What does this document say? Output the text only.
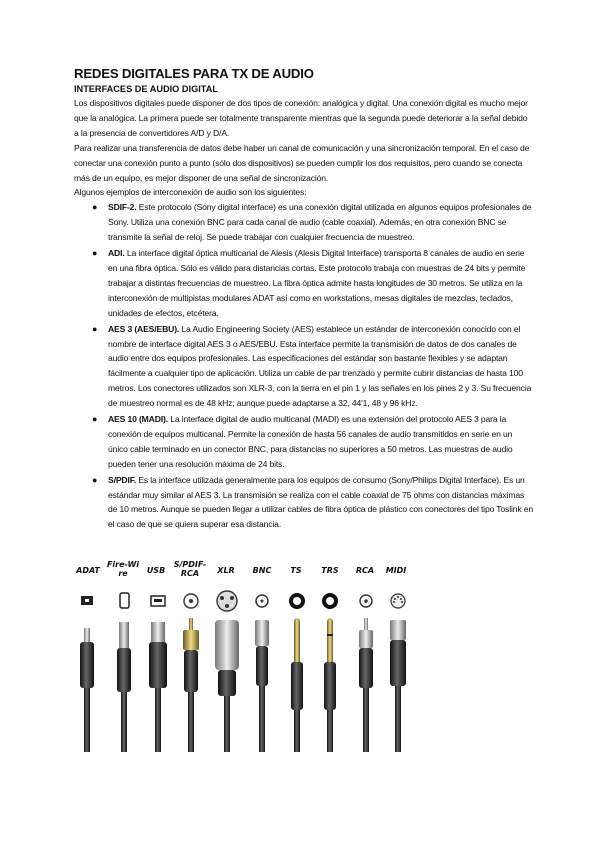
REDES DIGITALES PARA TX DE AUDIO
INTERFACES DE AUDIO DIGITAL

Los dispositivos digitales puede disponer de dos tipos de conexión: analógica y digital. Una conexión digital es mucho mejor que la analógica. La primera puede ser totalmente transparente mientras que la segunda puede deteriorar a la señal debido a la presencia de convertidores A/D y D/A.

Para realizar una transferencia de datos debe haber un canal de comunicación y una sincronización temporal. En el caso de conectar una conexión punto a punto (sólo dos dispositivos) se pueden cumplir los dos requisitos, pero cuando se conecta más de un equipo, es mejor disponer de una señal de sincronización.

Algunos ejemplos de interconexión de audio son los siguientes:

● SDIF-2. Este protocolo (Sony digital interface) es una conexión digital utilizada en algunos equipos profesionales de Sony. Utiliza una conexión BNC para cada canal de audio (cable coaxial). Además, en otra conexión BNC se transmite la señal de reloj. Se puede trabajar con cualquier frecuencia de muestreo.
● ADI. La interface digital óptica multicanal de Alesis (Alesis Digital Interface) transporta 8 canales de audio en serie en una fibra óptica. Sólo es válido para distancias cortas. Este protocolo trabaja con muestras de 24 bits y permite trabajar a distintas frecuencias de muestreo. La fibra óptica admite hasta longitudes de 30 metros. Se utiliza en la interconexión de multipistas modulares ADAT así como en workstations, mesas digitales de mezclas, teclados, unidades de efectos, etcétera.
● AES 3 (AES/EBU). La Audio Engineering Society (AES) establece un estándar de interconexión conocido con el nombre de interface digital AES 3 o AES/EBU. Esta interface permite la transmisión de datos de dos canales de audio entre dos equipos profesionales. Las especificaciones del estándar son bastante flexibles y se adaptan fácilmente a cualquier tipo de aplicación. Utiliza un cable de par trenzado y permite cubrir distancias de hasta 100 metros. Los conectores utilizados son XLR-3, con la tierra en el pin 1 y las señales en los pines 2 y 3. Su frecuencia de muestreo normal es de 48 kHz; aunque puede adaptarse a 32, 44'1, 48 y 96 kHz.
● AES 10 (MADI). La interface digital de audio multicanal (MADI) es una extensión del protocolo AES 3 para la conexión de equipos multicanal. Permite la conexión de hasta 56 canales de audio transmitidos en serie en un único cable terminado en un conector BNC, para distancias no superiores a 50 metros. Las muestras de audio pueden tener una resolución máxima de 24 bits.
● S/PDIF. Es la interface utilizada generalmente para los equipos de consumo (Sony/Philips Digital Interface). Es un estándar muy similar al AES 3. La transmisión se realiza con el cable coaxial de 75 ohms con distancias máximas de 10 metros. Aunque se pueden llegar a utilizar cables de fibra óptica de plástico con conectores del tipo Toslink en el caso de que se quiera superar esa distancia.
ADAT
Fire-Wire	USB
S/PDIF-RCA	XLR	BNC	TS	TRS	RCA	MIDI
